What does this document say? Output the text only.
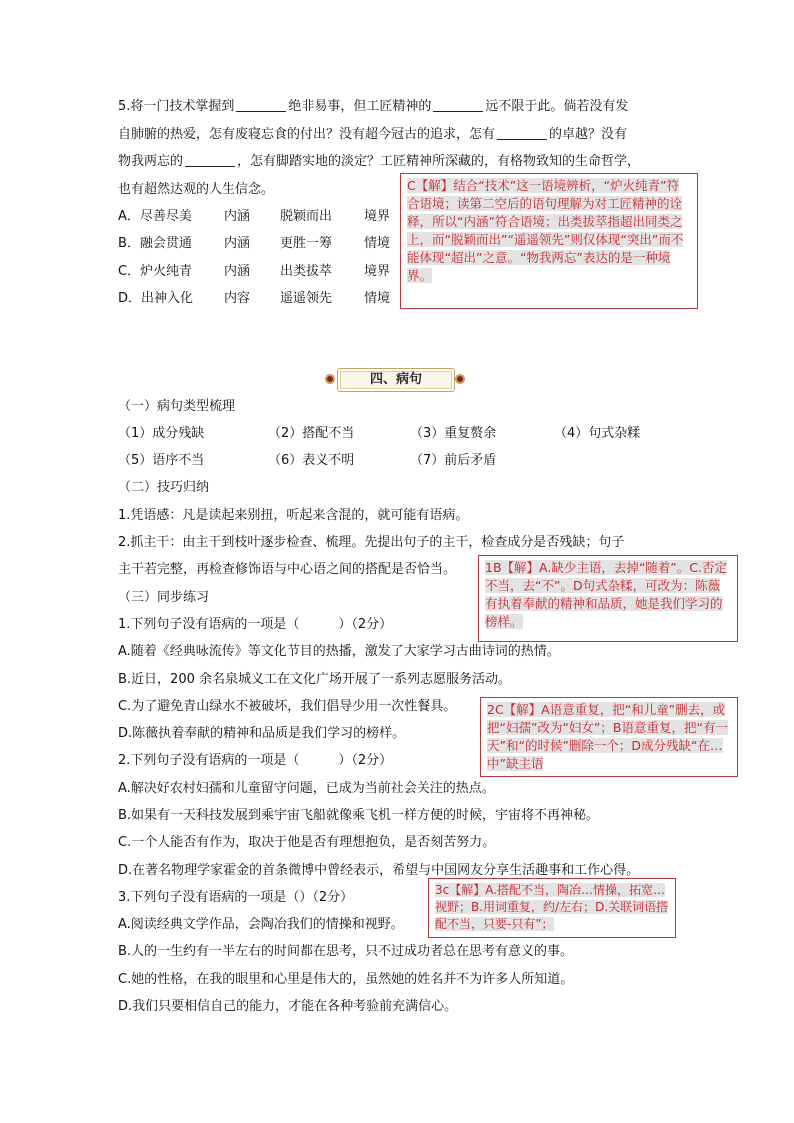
5.将一门技术掌握到	绝非易事，但工匠精神的	远不限于此。倘若没有发
自肺腑的热爱，怎有废寝忘食的付出？没有超今冠古的追求，怎有	的卓越？没有
物我两忘的	，怎有脚踏实地的淡定？工匠精神所深藏的，有格物致知的生命哲学，
也有超然达观的人生信念。
A．尽善尽美 内涵 脱颖而出 境界
B．融会贯通 内涵 更胜一筹 情境
C．炉火纯青 内涵 出类拔萃 境界
D．出神入化 内容 遥遥领先 情境
C【解】结合“技术”这一语境辨析，“炉火纯青”符合语境；读第二空后的语句理解为对工匠精神的诠释，所以“内涵”符合语境；出类拔萃指超出同类之上，而“脱颖而出”“遥遥领先”则仅体现“突出”而不能体现“超出”之意。“物我两忘”表达的是一种境界。
四、病句
（一）病句类型梳理
（1）成分残缺	（2）搭配不当	（3）重复赘余	（4）句式杂糅
（5）语序不当	（6）表义不明	（7）前后矛盾
（二）技巧归纳
1.凭语感：凡是读起来别扭，听起来含混的，就可能有语病。
2.抓主干：由主干到枝叶逐步检查、梳理。先提出句子的主干，检查成分是否残缺；句子
主干若完整，再检查修饰语与中心语之间的搭配是否恰当。
（三）同步练习
1B【解】A.缺少主语，去掉“随着”。C.否定不当，去“不”。D句式杂糅，可改为：陈薇有执着奉献的精神和品质，她是我们学习的榜样。
1.下列句子没有语病的一项是（　　　）（2分）
A.随着《经典咏流传》等文化节目的热播，激发了大家学习古曲诗词的热情。
B.近日，200 余名泉城义工在文化广场开展了一系列志愿服务活动。
C.为了避免青山绿水不被破坏，我们倡导少用一次性餐具。
D.陈薇执着奉献的精神和品质是我们学习的榜样。
2C【解】A语意重复，把“和儿童”删去，或把“妇孺”改为“妇女”；B语意重复，把“有一天”和“的时候”删除一个；D成分残缺“在…中”缺主语
2.下列句子没有语病的一项是（　　　）（2分）
A.解决好农村妇孺和儿童留守问题，已成为当前社会关注的热点。
B.如果有一天科技发展到乘宇宙飞船就像乘飞机一样方便的时候，宇宙将不再神秘。
C.一个人能否有作为，取决于他是否有理想抱负，是否刻苦努力。
D.在著名物理学家霍金的首条微博中曾经表示，希望与中国网友分享生活趣事和工作心得。
3c【解】A.搭配不当，陶冶…情操，拓宽…视野；B.用词重复，约/左右；D.关联词语搭配不当，只要-只有”；
3.下列句子没有语病的一项是（）（2分）
A.阅读经典文学作品，会陶冶我们的情操和视野。
B.人的一生约有一半左右的时间都在思考，只不过成功者总在思考有意义的事。
C.她的性格，在我的眼里和心里是伟大的，虽然她的姓名并不为许多人所知道。
D.我们只要相信自己的能力，才能在各种考验前充满信心。
